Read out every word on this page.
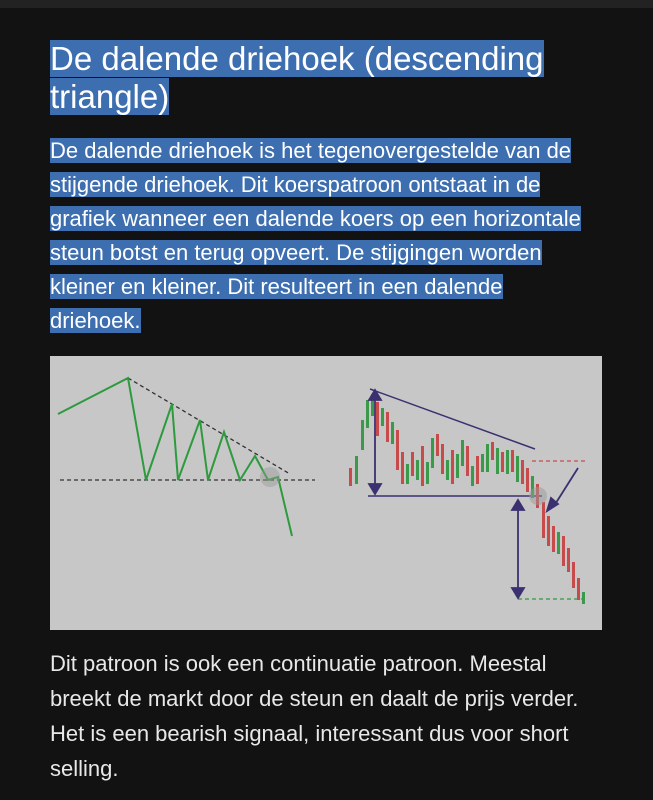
De dalende driehoek (descending triangle)

De dalende driehoek is het tegenovergestelde van de stijgende driehoek. Dit koerspatroon ontstaat in de grafiek wanneer een dalende koers op een horizontale steun botst en terug opveert. De stijgingen worden kleiner en kleiner. Dit resulteert in een dalende driehoek.

Dit patroon is ook een continuatie patroon. Meestal breekt de markt door de steun en daalt de prijs verder. Het is een bearish signaal, interessant dus voor short selling.
